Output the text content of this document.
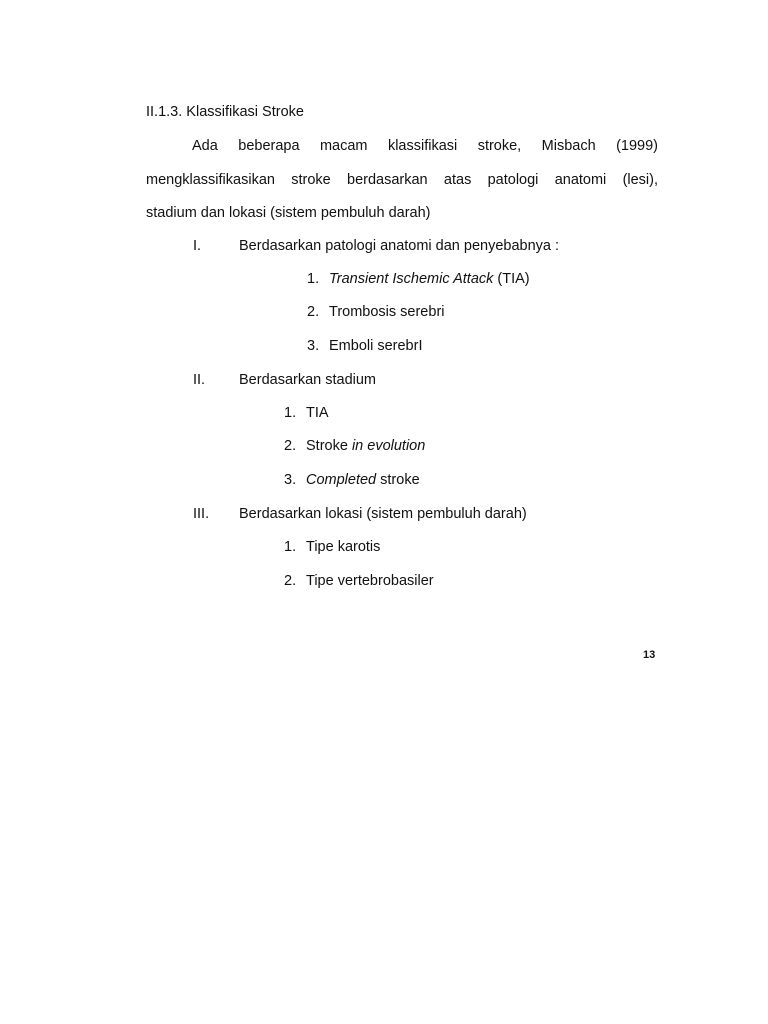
II.1.3. Klassifikasi Stroke
Ada beberapa macam klassifikasi stroke, Misbach (1999)
mengklassifikasikan stroke berdasarkan atas patologi anatomi (lesi),
stadium dan lokasi (sistem pembuluh darah)
I.	Berdasarkan patologi anatomi dan penyebabnya :
1. Transient Ischemic Attack (TIA)
2. Trombosis serebri
3. Emboli serebrI
II. Berdasarkan stadium
1. TIA
2. Stroke in evolution
3. Completed stroke
III. Berdasarkan lokasi (sistem pembuluh darah)
1. Tipe karotis
2. Tipe vertebrobasiler
13
